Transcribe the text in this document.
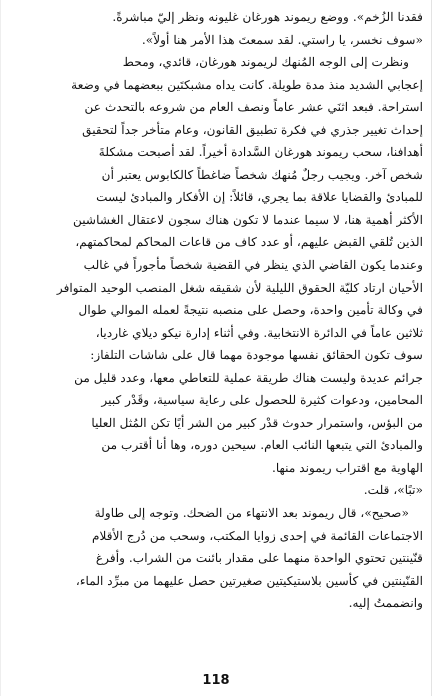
فقدنا الزُخم». ووضع ريموند هورغان غليونه ونظر إليّ مباشرةً.
«سوف نخسر، يا راستي. لقد سمعتَ هذا الأمر هنا أولاً».
ونظرت إلى الوجه المُنهك لريموند هورغان، قائدي، ومحط
إعجابي الشديد منذ مدة طويلة. كانت يداه مشبكتَين ببعضهما في وضعة
استراحة. فبعد اثنَي عشر عاماً ونصف العام من شروعه بالتحدث عن
إحداث تغيير جذري في فكرة تطبيق القانون، وعام متأخر جداً لتحقيق
أهدافنا، سحب ريموند هورغان السَّدادة أخيراً. لقد أصبحت مشكلةَ
شخص آخر. ويجيب رجلٌ مُنهك شخصاً ضاغطاً كالكابوس يعتبر أن
للمبادئ والقضايا علاقة بما يجري، قائلاً: إن الأفكار والمبادئ ليست
الأكثر أهمية هنا، لا سيما عندما لا تكون هناك سجون لاعتقال الغشاشين
الذين تُلقي القبض عليهم، أو عدد كاف من قاعات المحاكم لمحاكمتهم،
وعندما يكون القاضي الذي ينظر في القضية شخصاً مأجوراً في غالب
الأحيان ارتاد كليّة الحقوق الليلية لأن شقيقه شغل المنصب الوحيد المتوافر
في وكالة تأمين واحدة، وحصل على منصبه نتيجةً لعمله الموالي طوال
ثلاثين عاماً في الدائرة الانتخابية. وفي أثناء إدارة نيكو ديلاي غارديا،
سوف تكون الحقائق نفسها موجودة مهما قال على شاشات التلفاز:
جرائم عديدة وليست هناك طريقة عملية للتعاطي معها، وعدد قليل من
المحامين، ودعوات كثيرة للحصول على رعاية سياسية، وقَدْر كبير
من البؤس، واستمرار حدوث قدْر كبير من الشر أيًا تكن المُثل العليا
والمبادئ التي يتبعها النائب العام. سيحين دوره، وها أنا أقترب من
الهاوية مع اقتراب ريموند منها.
«تبًا»، قلت.
«صحيح»، قال ريموند بعد الانتهاء من الضحك. وتوجه إلى طاولة
الاجتماعات القائمة في إحدى زوايا المكتب، وسحب من دُرج الأقلام
قنّينتين تحتوي الواحدة منهما على مقدار بائنت من الشراب. وأفرغ
القنّينتين في كأسين بلاستيكيتين صغيرتين حصل عليهما من مبرِّد الماء،
وانضممتُ إليه.
118
